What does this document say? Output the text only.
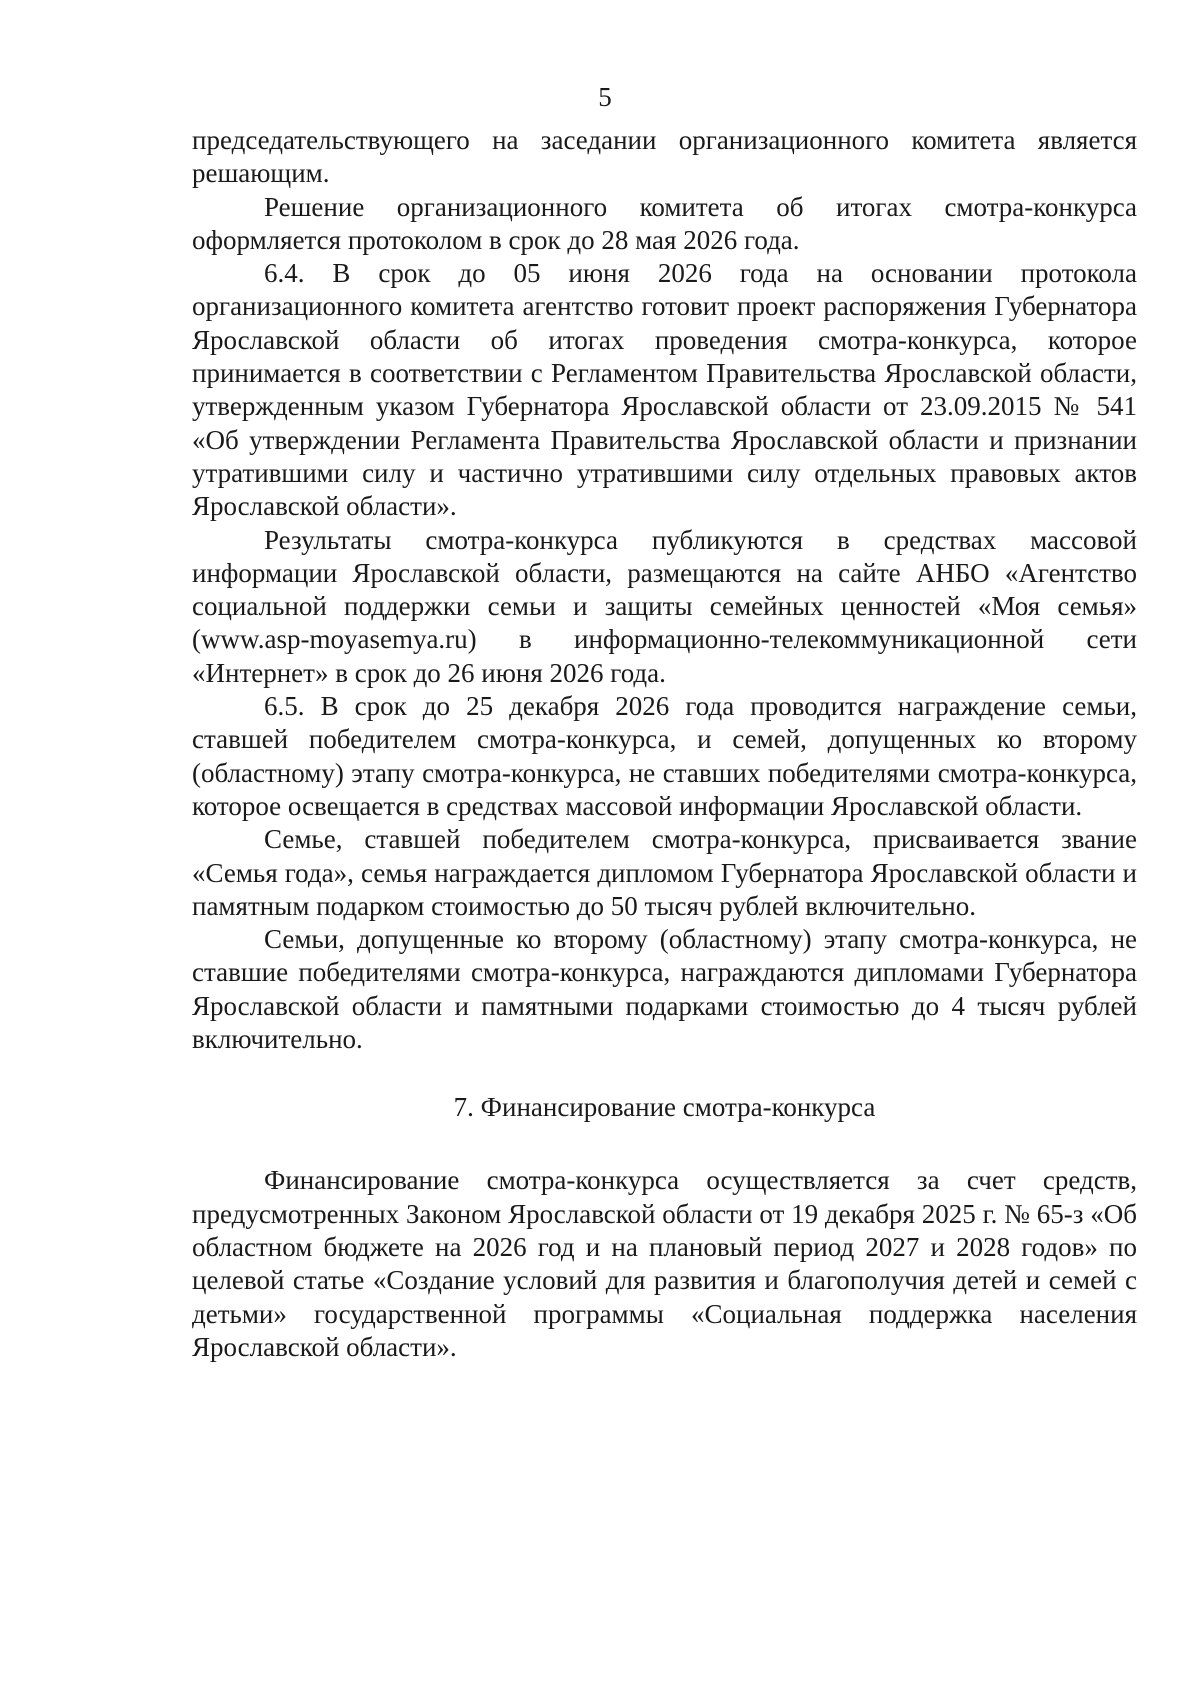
5

председательствующего на заседании организационного комитета является решающим.

Решение организационного комитета об итогах смотра-конкурса оформляется протоколом в срок до 28 мая 2026 года.

6.4. В срок до 05 июня 2026 года на основании протокола организационного комитета агентство готовит проект распоряжения Губернатора Ярославской области об итогах проведения смотра-конкурса, которое принимается в соответствии с Регламентом Правительства Ярославской области, утвержденным указом Губернатора Ярославской области от 23.09.2015 № 541 «Об утверждении Регламента Правительства Ярославской области и признании утратившими силу и частично утратившими силу отдельных правовых актов Ярославской области».

Результаты смотра-конкурса публикуются в средствах массовой информации Ярославской области, размещаются на сайте АНБО «Агентство социальной поддержки семьи и защиты семейных ценностей «Моя семья» (www.asp-moyasemya.ru) в информационно-телекоммуникационной сети «Интернет» в срок до 26 июня 2026 года.

6.5. В срок до 25 декабря 2026 года проводится награждение семьи, ставшей победителем смотра-конкурса, и семей, допущенных ко второму (областному) этапу смотра-конкурса, не ставших победителями смотра-конкурса, которое освещается в средствах массовой информации Ярославской области.

Семье, ставшей победителем смотра-конкурса, присваивается звание «Семья года», семья награждается дипломом Губернатора Ярославской области и памятным подарком стоимостью до 50 тысяч рублей включительно.

Семьи, допущенные ко второму (областному) этапу смотра-конкурса, не ставшие победителями смотра-конкурса, награждаются дипломами Губернатора Ярославской области и памятными подарками стоимостью до 4 тысяч рублей включительно.

7. Финансирование смотра-конкурса

Финансирование смотра-конкурса осуществляется за счет средств, предусмотренных Законом Ярославской области от 19 декабря 2025 г. № 65-з «Об областном бюджете на 2026 год и на плановый период 2027 и 2028 годов» по целевой статье «Создание условий для развития и благополучия детей и семей с детьми» государственной программы «Социальная поддержка населения Ярославской области».
